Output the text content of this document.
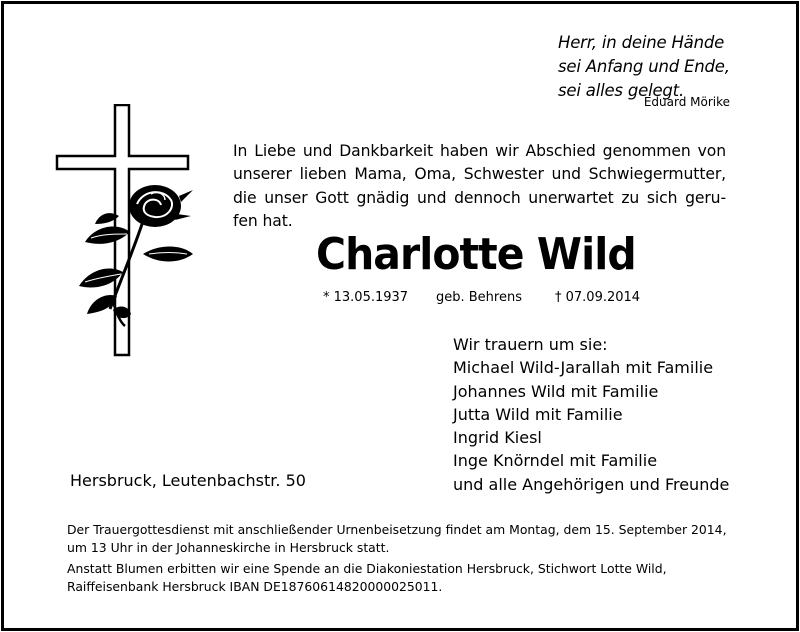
Herr, in deine Hände
sei Anfang und Ende,
sei alles gelegt.
Eduard Mörike
In Liebe und Dankbarkeit haben wir Abschied genommen von
unserer lieben Mama, Oma, Schwester und Schwiegermutter,
die unser Gott gnädig und dennoch unerwartet zu sich geru-
fen hat.
Charlotte Wild
* 13.05.1937 geb. Behrens	† 07.09.2014
Wir trauern um sie:
Michael Wild-Jarallah mit Familie
Johannes Wild mit Familie
Jutta Wild mit Familie
Ingrid Kiesl
Inge Knörndel mit Familie
und alle Angehörigen und Freunde
Hersbruck, Leutenbachstr. 50
Der Trauergottesdienst mit anschließender Urnenbeisetzung findet am Montag, dem 15. September 2014,
um 13 Uhr in der Johanneskirche in Hersbruck statt.
Anstatt Blumen erbitten wir eine Spende an die Diakoniestation Hersbruck, Stichwort Lotte Wild,
Raiffeisenbank Hersbruck IBAN DE18760614820000025011.
